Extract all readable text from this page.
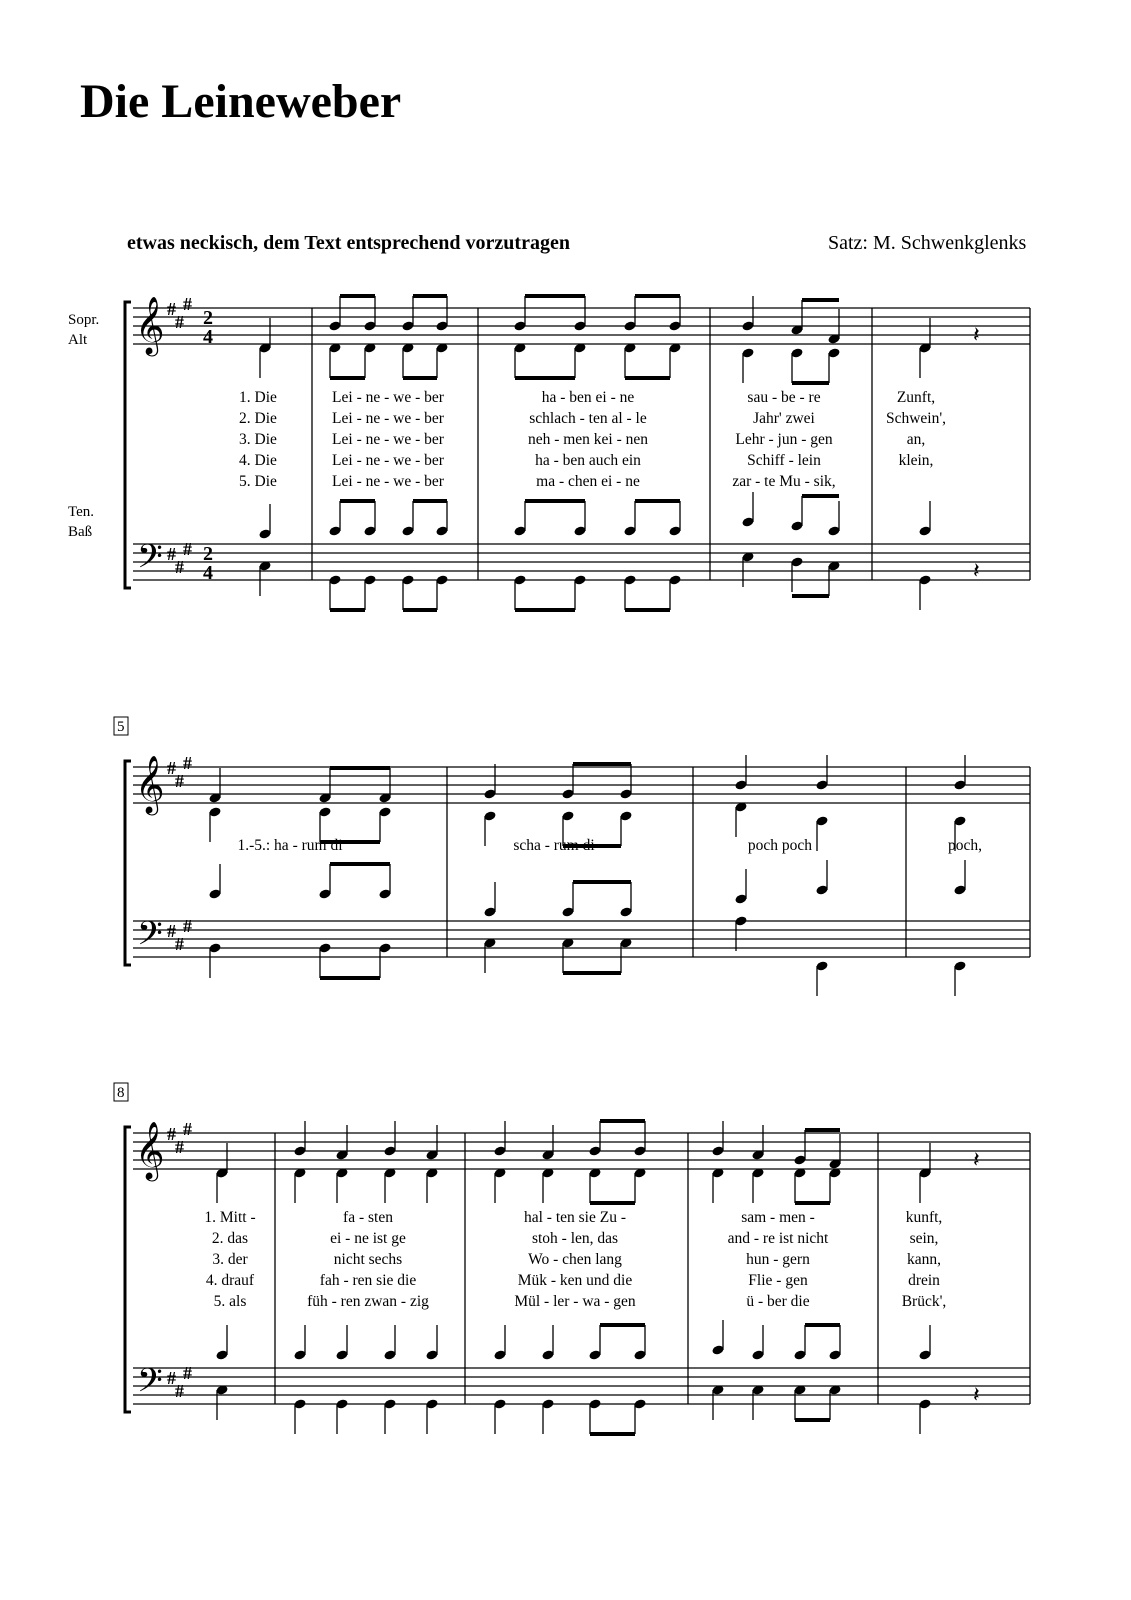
Die Leineweber
etwas neckisch, dem Text entsprechend vorzutragen	Satz: M. Schwenkglenks
𝄞
𝄢
#
#
#
#
#
#
2
4
2
4
Sopr.
Alt
Ten.
Baß
𝄽
𝄽
1. Die	Lei - ne - we - ber	ha - ben ei - ne	sau - be - re	Zunft,
2. Die	Lei - ne - we - ber	schlach - ten al - le	Jahr' zwei	Schwein',
3. Die	Lei - ne - we - ber	neh - men kei - nen	Lehr - jun - gen	an,
4. Die	Lei - ne - we - ber	ha - ben auch ein	Schiff - lein	klein,
5. Die	Lei - ne - we - ber	ma - chen ei - ne	zar - te Mu - sik,
𝄞
𝄢
#
#
#
#
#
#
5
1.-5.: ha - rum di	scha - rum di	poch poch	poch,
𝄞
𝄢
#
#
#
#
#
#
8
𝄽
𝄽
1. Mitt -	fa - sten	hal - ten sie Zu -	sam - men -	kunft,
2. das	ei - ne ist ge	stoh - len, das	and - re ist nicht	sein,
3. der	nicht sechs	Wo - chen lang	hun - gern	kann,
4. drauf	fah - ren sie die	Mük - ken und die	Flie - gen	drein
5. als	füh - ren zwan - zig	Mül - ler - wa - gen	ü - ber die	Brück',
